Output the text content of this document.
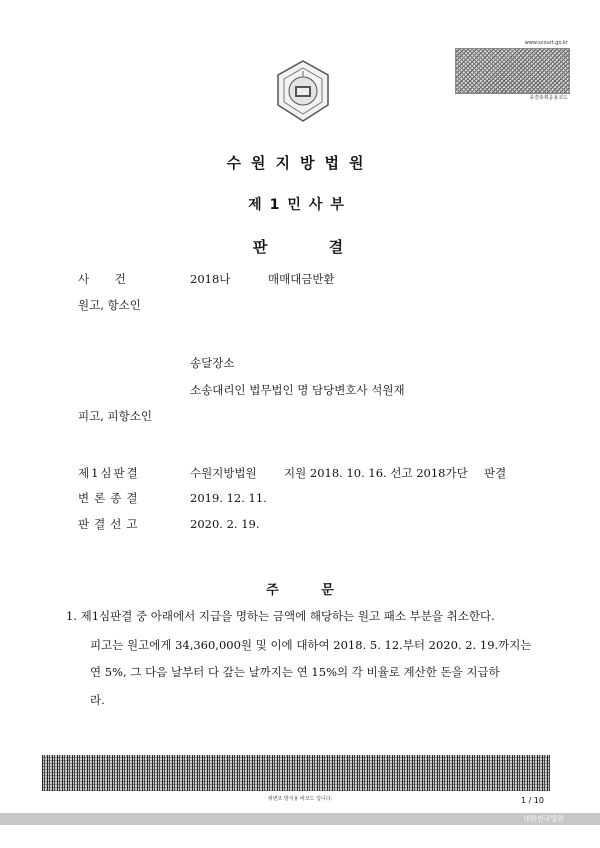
www.scourt.go.kr
종결총획응용코드
수원지방법원
제1민사부
판	결
사       건	2018나	매매대금반환
원고, 항소인
송달장소
소송대리인 법무법인 명 담당변호사 석원재
피고, 피항소인
제1심판결	수원지방법원 지원 2018. 10. 16. 선고 2018가단 판결
변론종결	2019. 12. 11.
판결선고	2020. 2. 19.
주	문
1. 제1심판결 중 아래에서 지급을 명하는 금액에 해당하는 원고 패소 부분을 취소한다.
피고는 원고에게 34,360,000원 및 이에 대하여 2018. 5. 12.부터 2020. 2. 19.까지는
연 5%, 그 다음 날부터 다 갚는 날까지는 연 15%의 각 비율로 계산한 돈을 지급하
라.
위변조 방지용 바코드 입니다.	1 / 10
대한민국법원
